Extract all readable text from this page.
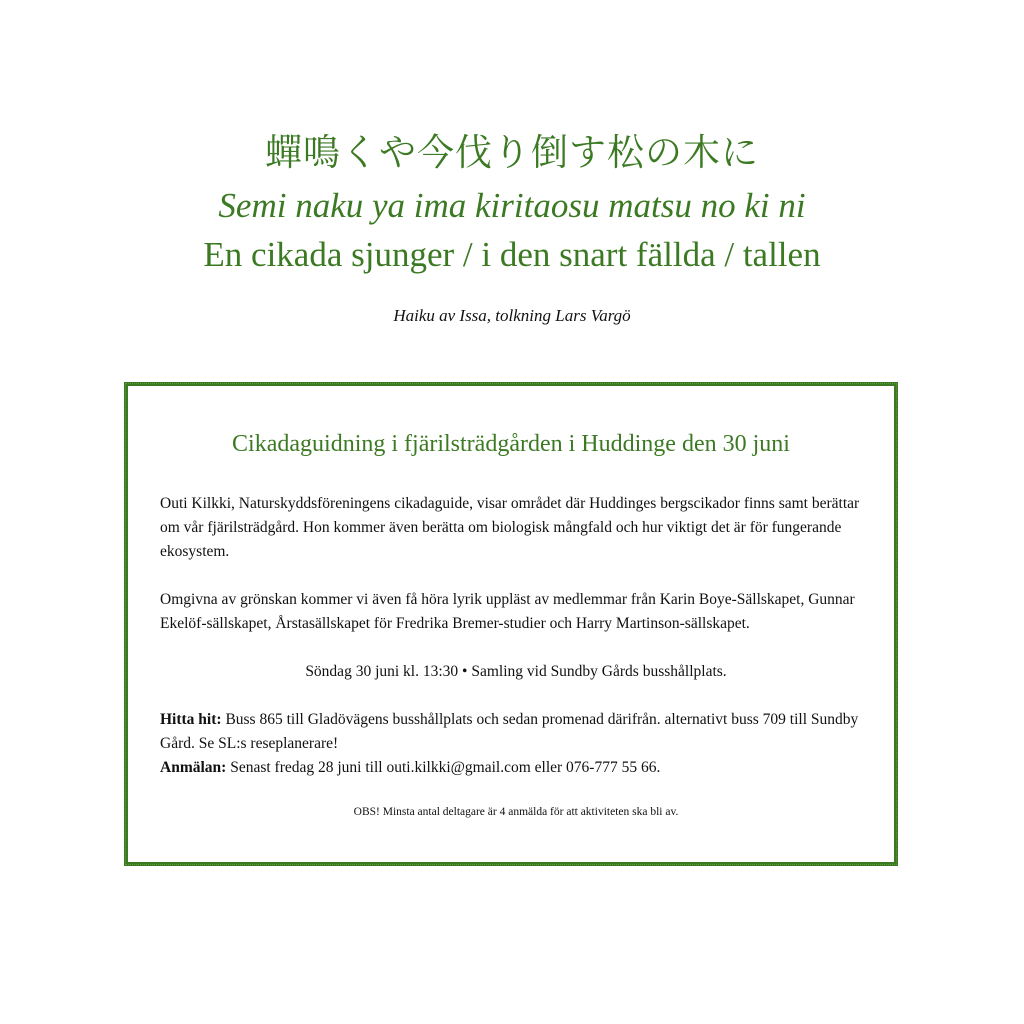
蟬鳴くや今伐り倒す松の木に
Semi naku ya ima kiritaosu matsu no ki ni
En cikada sjunger / i den snart fällda / tallen
Haiku av Issa, tolkning Lars Vargö
Cikadaguidning i fjärilsträdgården i Huddinge den 30 juni

Outi Kilkki, Naturskyddsföreningens cikadaguide, visar området där Huddinges bergscikador finns samt berättar om vår fjärilsträdgård. Hon kommer även berätta om biologisk mångfald och hur viktigt det är för fungerande ekosystem.

Omgivna av grönskan kommer vi även få höra lyrik uppläst av medlemmar från Karin Boye-Sällskapet, Gunnar Ekelöf-sällskapet, Årstasällskapet för Fredrika Bremer-studier och Harry Martinson-sällskapet.

Söndag 30 juni kl. 13:30 • Samling vid Sundby Gårds busshållplats.

Hitta hit: Buss 865 till Gladövägens busshållplats och sedan promenad därifrån. alternativt buss 709 till Sundby Gård. Se SL:s reseplanerare!
Anmälan: Senast fredag 28 juni till outi.kilkki@gmail.com eller 076-777 55 66.
OBS! Minsta antal deltagare är 4 anmälda för att aktiviteten ska bli av.
